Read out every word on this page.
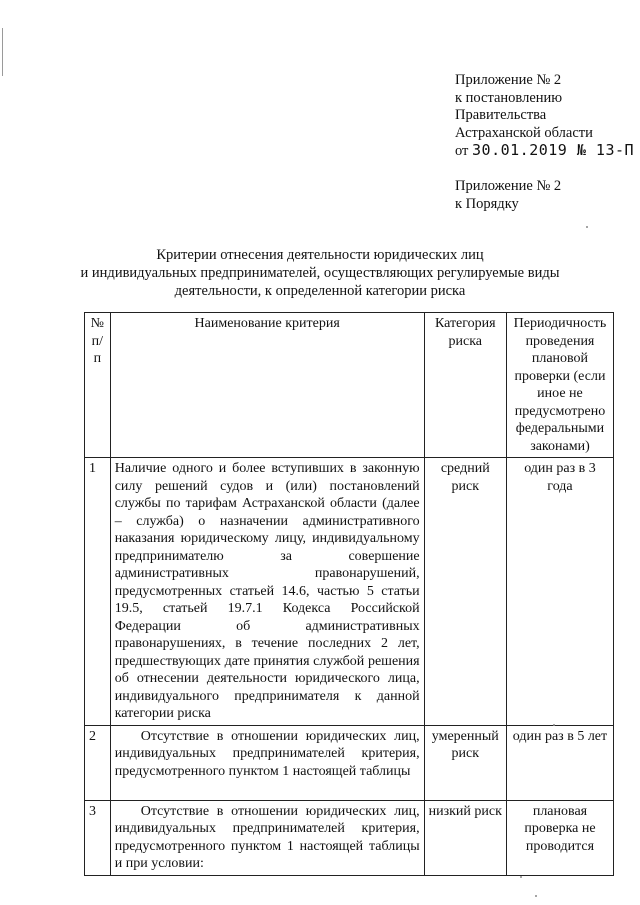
Приложение № 2
к постановлению
Правительства
Астраханской области
от 30.01.2019 № 13-П
Приложение № 2
к Порядку
Критерии отнесения деятельности юридических лиц
и индивидуальных предпринимателей, осуществляющих регулируемые виды
деятельности, к определенной категории риска
№ п/п	Наименование критерия	Категория риска	Периодичность проведения плановой проверки (если иное не предусмотрено федеральными законами)
1	Наличие одного и более вступивших в законную силу решений судов и (или) постановлений службы по тарифам Астраханской области (далее – служба) о назначении административного наказания юридическому лицу, индивидуальному предпринимателю за совершение административных правонарушений, предусмотренных статьей 14.6, частью 5 статьи 19.5, статьей 19.7.1 Кодекса Российской Федерации об административных правонарушениях, в течение последних 2 лет, предшествующих дате принятия службой решения об отнесении деятельности юридического лица, индивидуального предпринимателя к данной категории риска	средний риск	один раз в 3 года
2	Отсутствие в отношении юридических лиц, индивидуальных предпринимателей критерия, предусмотренного пунктом 1 настоящей таблицы	умеренный риск	один раз в 5 лет
3	Отсутствие в отношении юридических лиц, индивидуальных предпринимателей критерия, предусмотренного пунктом 1 настоящей таблицы и при условии:	низкий риск	плановая проверка не проводится
